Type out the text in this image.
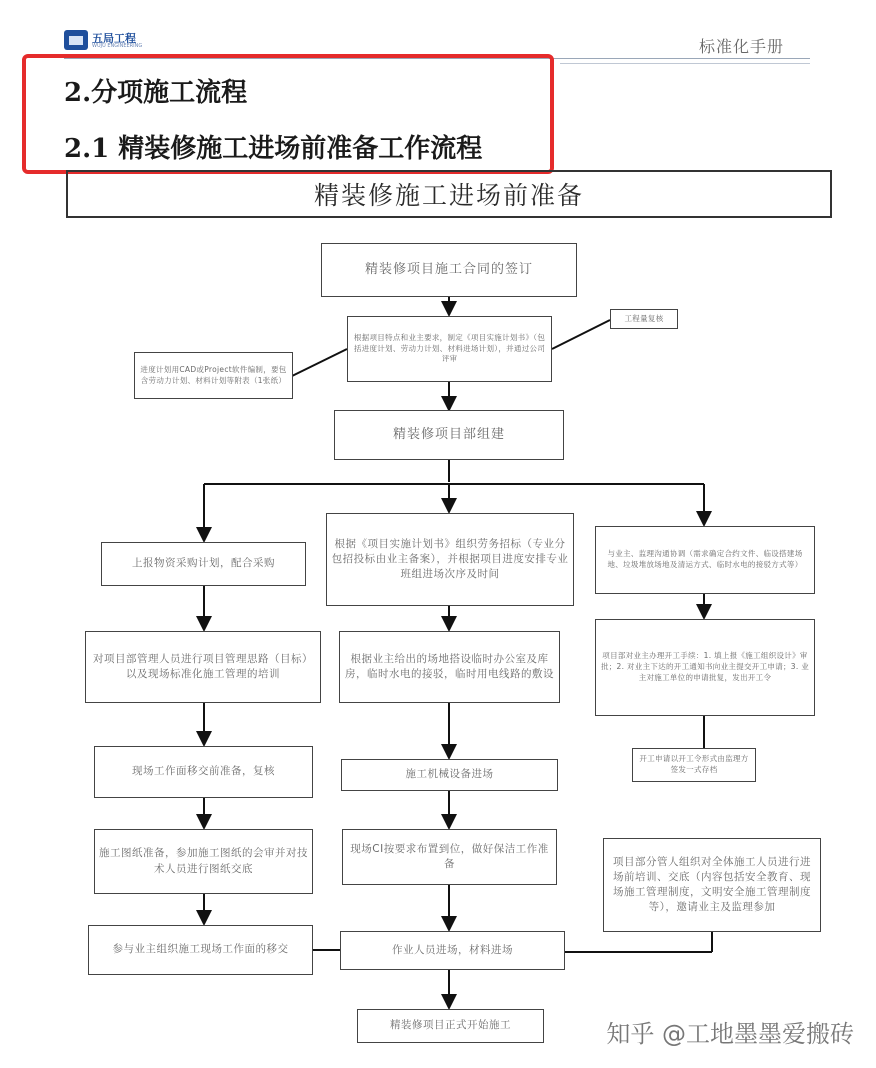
五局工程
WUJU ENGINEERING	标准化手册
2.分项施工流程
2.1 精装修施工进场前准备工作流程
精装修施工进场前准备
精装修项目施工合同的签订
根据项目特点和业主要求，制定《项目实施计划书》（包括进度计划、劳动力计划、材料进场计划），并通过公司评审
进度计划用CAD或Project软件编制，要包含劳动力计划、材料计划等附表（1张纸）
工程量复核
精装修项目部组建
上报物资采购计划，配合采购
根据《项目实施计划书》组织劳务招标（专业分包招投标由业主备案），并根据项目进度安排专业班组进场次序及时间
与业主、监理沟通协调（需求确定合约文件、临设搭建场地、垃圾堆放场地及清运方式、临时水电的接驳方式等）
对项目部管理人员进行项目管理思路（目标）以及现场标准化施工管理的培训
根据业主给出的场地搭设临时办公室及库房，临时水电的接驳，临时用电线路的敷设
项目部对业主办理开工手续：1. 填上报《施工组织设计》审批；2. 对业主下达的开工通知书向业主提交开工申请；3. 业主对施工单位的申请批复，发出开工令
开工申请以开工令形式由监理方签发一式存档
现场工作面移交前准备，复核	施工机械设备进场
施工图纸准备，参加施工图纸的会审并对技术人员进行图纸交底
现场CI按要求布置到位，做好保洁工作准备	项目部分管人组织对全体施工人员进行进场前培训、交底（内容包括安全教育、现场施工管理制度，文明安全施工管理制度等），邀请业主及监理参加
参与业主组织施工现场工作面的移交	作业人员进场，材料进场
精装修项目正式开始施工	知乎 @工地墨墨爱搬砖
